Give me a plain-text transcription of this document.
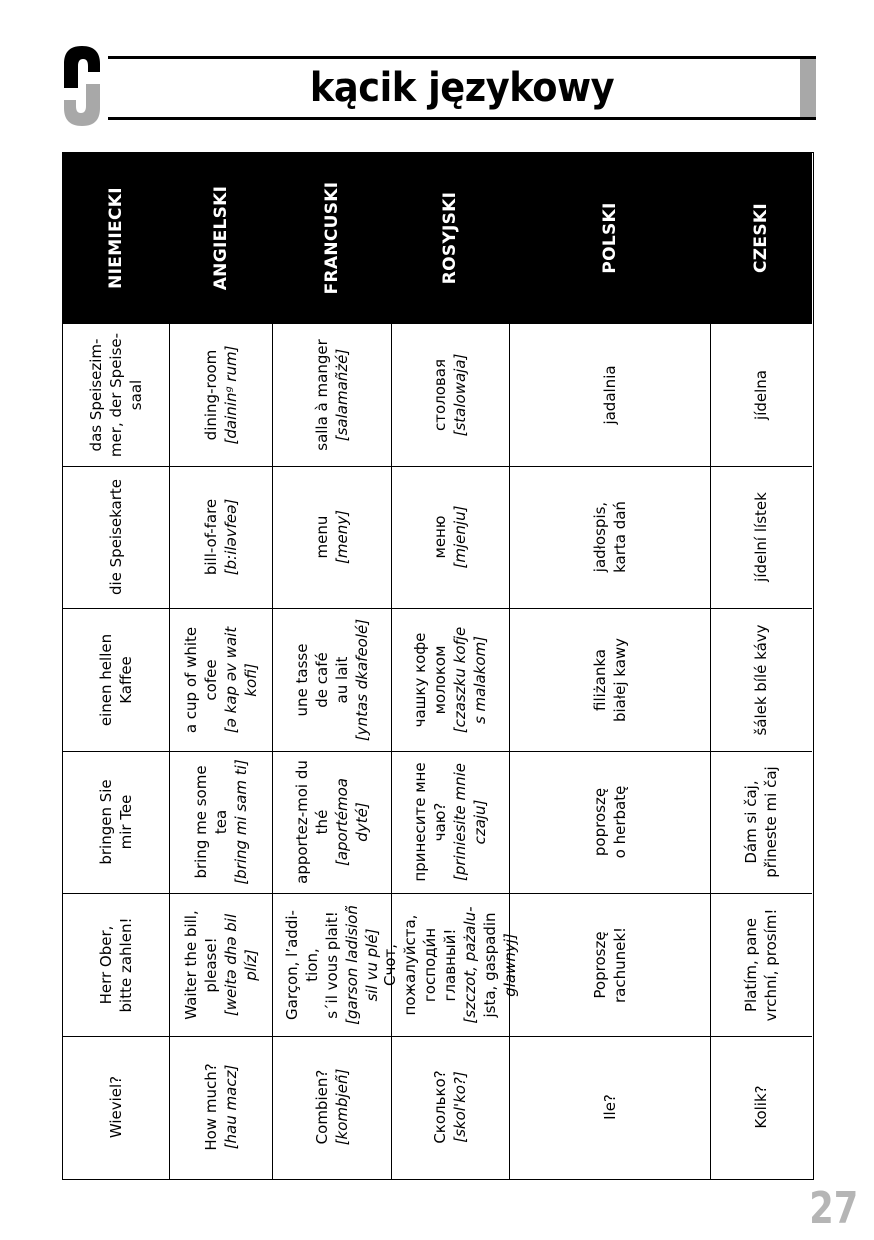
kącik językowy
NIEMIECKI
das Speisezim- mer, der Speise- saal
die Speisekarte
einen hellen Kaffee
bringen Sie mir Tee
Herr Ober, bitte zahlen!
Wieviel?
ANGIELSKI
dining-room [daininᵍ rum]
bill-of-fare [b:ilәvfeә]
a cup of white cofee [ә kap әv wait kofi]
bring me some tea [bring mi sam ti]
Waiter the bill, please! [weitә dhә bil plíz]
How much? [hau macz]
FRANCUSKI
salla à manger [salamañżé]
menu [meny]
une tasse de café au lait [yntas dkafeolé]
apportez-moi du thé [aportémoa dyté]
Garçon, l’addi- tion, s´il vous plait! [garson ladisioñ sil vu plé]
Combien? [kombjeñ]
ROSYJSKI
столовая [stalowaja]
меню [mjenju]
чашку кофе молоком [czaszku kofje s malakom]
принесите мне чаю? [priniesite mnie czaju]
Счот, пожалуйста, господи́н главный! [szczot, pażalu- jsta, gaspadin glawnyj]
Сколько? [skol'ko?]
POLSKI
jadalnia
jadłospis, karta dań
filiżanka białej kawy
poproszę o herbatę
Poproszę rachunek!
Ile?
CZESKI
jídelna
jídelní lístek
šálek bílé kávy
Dám si čaj, přineste mi čaj
Platím, pane vrchní, prosím!
Kolik?
27
